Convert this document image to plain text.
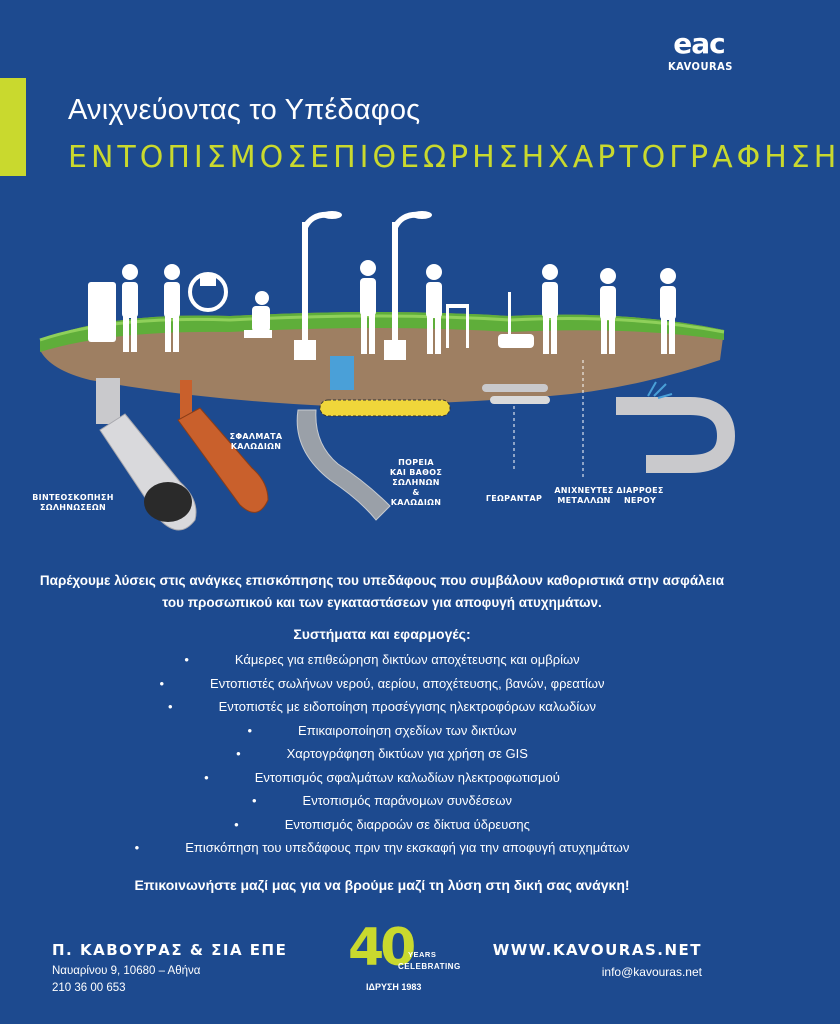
eac
KAVOURAS
Ανιχνεύοντας το Υπέδαφος
ΕΝΤΟΠΙΣΜΟΣ ΕΠΙΘΕΩΡΗΣΗ ΧΑΡΤΟΓΡΑΦΗΣΗ
ΒΙΝΤΕΟΣΚΟΠΗΣΗ
ΣΩΛΗΝΩΣΕΩΝ
ΣΦΑΛΜΑΤΑ
ΚΑΛΩΔΙΩΝ
ΠΟΡΕΙΑ
ΚΑΙ ΒΑΘΟΣ
ΣΩΛΗΝΩΝ
& ΚΑΛΩΔΙΩΝ	ΓΕΩΡΑΝΤΑΡ
ΑΝΙΧΝΕΥΤΕΣ
ΜΕΤΑΛΛΩΝ
ΔΙΑΡΡΟΕΣ
ΝΕΡΟΥ

Παρέχουμε λύσεις στις ανάγκες επισκόπησης του υπεδάφους που συμβάλουν καθοριστικά στην ασφάλεια του προσωπικού και των εγκαταστάσεων για αποφυγή ατυχημάτων.

Συστήματα και εφαρμογές:
• Κάμερες για επιθεώρηση δικτύων αποχέτευσης και ομβρίων
• Εντοπιστές σωλήνων νερού, αερίου, αποχέτευσης, βανών, φρεατίων
• Εντοπιστές με ειδοποίηση προσέγγισης ηλεκτροφόρων καλωδίων
• Επικαιροποίηση σχεδίων των δικτύων
• Χαρτογράφηση δικτύων για χρήση σε GIS
• Εντοπισμός σφαλμάτων καλωδίων ηλεκτροφωτισμού
• Εντοπισμός παράνομων συνδέσεων
• Εντοπισμός διαρροών σε δίκτυα ύδρευσης
• Επισκόπηση του υπεδάφους πριν την εκσκαφή για την αποφυγή ατυχημάτων
Επικοινωνήστε μαζί μας για να βρούμε μαζί τη λύση στη δική σας ανάγκη!
Π. ΚΑΒΟΥΡΑΣ & ΣΙΑ ΕΠΕ
Ναυαρίνου 9, 10680 – Αθήνα
210 36 00 653
40
YEARS
CELEBRATING
ΙΔΡΥΣΗ 1983
WWW.KAVOURAS.NET
info@kavouras.net
